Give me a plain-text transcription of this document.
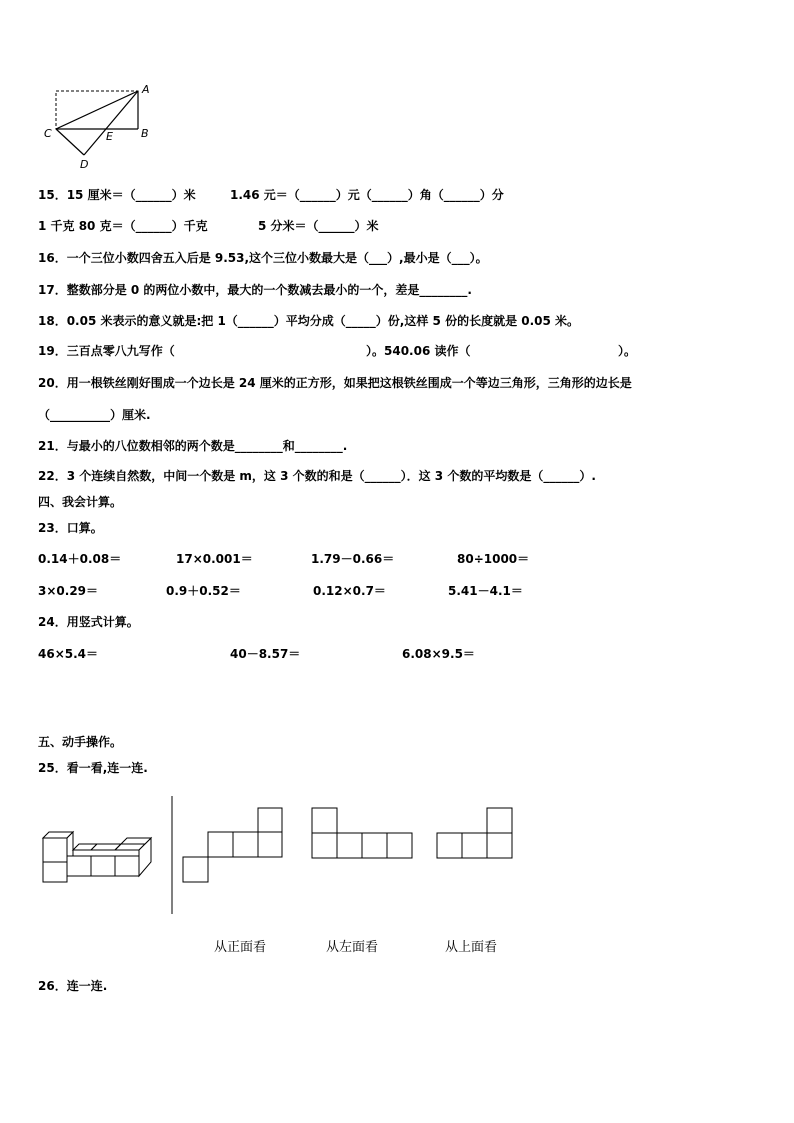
A
B
C
D
E
15．15 厘米＝（______）米	1.46 元＝（______）元（______）角（______）分
1 千克 80 克＝（______）千克	5 分米＝（______）米
16．一个三位小数四舍五入后是 9.53,这个三位小数最大是（___）,最小是（___）。
17．整数部分是 0 的两位小数中，最大的一个数减去最小的一个，差是________.
18．0.05 米表示的意义就是:把 1（______）平均分成（_____）份,这样 5 份的长度就是 0.05 米。
19．三百点零八九写作（	）。540.06 读作（	）。
20．用一根铁丝刚好围成一个边长是 24 厘米的正方形，如果把这根铁丝围成一个等边三角形，三角形的边长是
（__________）厘米.
21．与最小的八位数相邻的两个数是________和________.
22．3 个连续自然数，中间一个数是 m，这 3 个数的和是（______）．这 3 个数的平均数是（______）.
四、我会计算。
23．口算。
0.14＋0.08＝	17×0.001＝	1.79－0.66＝	80÷1000＝
3×0.29＝	0.9＋0.52＝	0.12×0.7＝	5.41－4.1＝
24．用竖式计算。
46×5.4＝	40－8.57＝	6.08×9.5＝
五、动手操作。
25．看一看,连一连.
从正面看	从左面看	从上面看
26．连一连.
